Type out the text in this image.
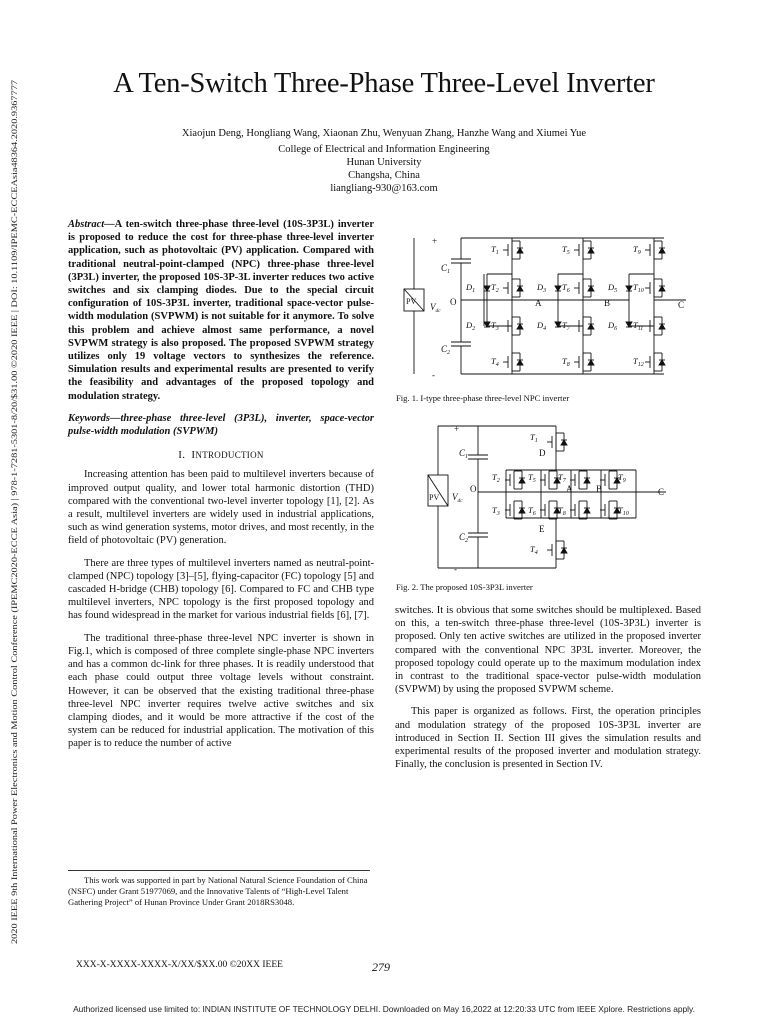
2020 IEEE 9th International Power Electronics and Motion Control Conference (IPEMC2020-ECCE Asia) | 978-1-7281-5301-8/20/$31.00 ©2020 IEEE | DOI: 10.1109/IPEMC-ECCEAsia48364.2020.9367777
A Ten-Switch Three-Phase Three-Level Inverter
Xiaojun Deng, Hongliang Wang, Xiaonan Zhu, Wenyuan Zhang, Hanzhe Wang and Xiumei Yue
College of Electrical and Information Engineering
Hunan University
Changsha, China
liangliang-930@163.com

Abstract—A ten-switch three-phase three-level (10S-3P3L) inverter is proposed to reduce the cost for three-phase three-level inverter application, such as photovoltaic (PV) application. Compared with traditional neutral-point-clamped (NPC) three-phase three-level (3P3L) inverter, the proposed 10S-3P-3L inverter reduces two active switches and six clamping diodes. Due to the special circuit configuration of 10S-3P3L inverter, traditional space-vector pulse-width modulation (SVPWM) is not suitable for it anymore. To solve this problem and achieve almost same performance, a novel SVPWM strategy is also proposed. The proposed SVPWM strategy utilizes only 19 voltage vectors to synthesizes the reference. Simulation results and experimental results are presented to verify the feasibility and advantages of the proposed topology and modulation strategy.

Keywords—three-phase three-level (3P3L), inverter, space-vector pulse-width modulation (SVPWM)

I. INTRODUCTION

Increasing attention has been paid to multilevel inverters because of improved output quality, and lower total harmonic distortion (THD) compared with the conventional two-level inverter topology [1], [2]. As a result, multilevel inverters are widely used in industrial applications, such as wind generation systems, motor drives, and most recently, in the field of photovoltaic (PV) generation.

There are three types of multilevel inverters named as neutral-point-clamped (NPC) topology [3]–[5], flying-capacitor (FC) topology [5] and cascaded H-bridge (CHB) topology [6]. Compared to FC and CHB type multilevel inverters, NPC topology is the first proposed topology and has found widespread in the market for various industrial fields [6], [7].

The traditional three-phase three-level NPC inverter is shown in Fig.1, which is composed of three complete single-phase NPC inverters and has a common dc-link for three phases. It is readily understood that each phase could output three voltage levels without constraint. However, it can be observed that the existing traditional three-phase three-level NPC inverter requires twelve active switches and six clamping diodes, and it would be more attractive if the cost of the system can be reduced for industrial application. The motivation of this paper is to reduce the number of active

switches. It is obvious that some switches should be multiplexed. Based on this, a ten-switch three-phase three-level (10S-3P3L) inverter is proposed. Only ten active switches are utilized in the proposed inverter compared with the conventional NPC 3P3L inverter. Moreover, the proposed topology could operate up to the maximum modulation index in contrast to the traditional space-vector pulse-width modulation (SVPWM) by using the proposed SVPWM scheme.

This paper is organized as follows. First, the operation principles and modulation strategy of the proposed 10S-3P3L inverter are introduced in Section II. Section III gives the simulation results and experimental results of the proposed inverter and modulation strategy. Finally, the conclusion is presented in Section IV.

+
-
$C_1$
$C_2$
PV
$V_{dc}$
O	A	B	C
$T_1$
$T_2$
$T_3$
$T_4$
$D_1$
$D_2$
$T_5$
$T_6$
$T_7$
$T_8$
$D_3$
$D_4$
$T_9$
$T_{10}$
$T_{11}$
$T_{12}$
$D_5$
$D_6$
Fig. 1. I-type three-phase three-level NPC inverter
+
-
$C_1$
$C_2$
PV $V_{dc}$
O
D
E
A	B	C
$T_1$
$T_4$
$T_2$
$T_3$
$T_5$
$T_6$
$T_7$
$T_8$
$T_9$
$T_{10}$
Fig. 2. The proposed 10S-3P3L inverter

This work was supported in part by National Natural Science Foundation of China (NSFC) under Grant 51977069, and the Innovative Talents of “High-Level Talent Gathering Project” of Hunan Province Under Grant 2018RS3048.

XXX-X-XXXX-XXXX-X/XX/$XX.00 ©20XX IEEE	279
Authorized licensed use limited to: INDIAN INSTITUTE OF TECHNOLOGY DELHI. Downloaded on May 16,2022 at 12:20:33 UTC from IEEE Xplore. Restrictions apply.
